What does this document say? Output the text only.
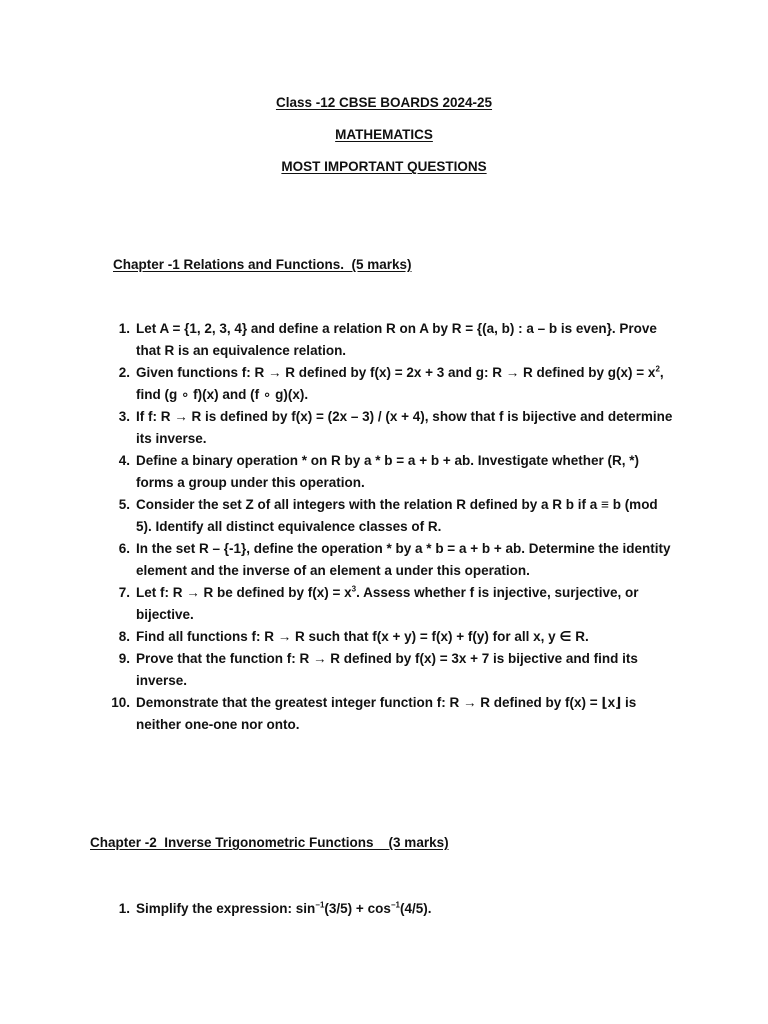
Class -12 CBSE BOARDS 2024-25
MATHEMATICS
MOST IMPORTANT QUESTIONS
Chapter -1 Relations and Functions.  (5 marks)
1. Let A = {1, 2, 3, 4} and define a relation R on A by R = {(a, b) : a – b is even}. Prove that R is an equivalence relation.
2. Given functions f: R → R defined by f(x) = 2x + 3 and g: R → R defined by $g(x) = x^2$, find (g ∘ f)(x) and (f ∘ g)(x).
3. If f: R → R is defined by f(x) = (2x – 3) / (x + 4), show that f is bijective and determine its inverse.
4. Define a binary operation * on R by a * b = a + b + ab. Investigate whether (R, *) forms a group under this operation.
5. Consider the set Z of all integers with the relation R defined by a R b if a ≡ b (mod 5). Identify all distinct equivalence classes of R.
6. In the set R – {-1}, define the operation * by a * b = a + b + ab. Determine the identity element and the inverse of an element a under this operation.
7. Let f: R → R be defined by $f(x) = x^3$. Assess whether f is injective, surjective, or bijective.
8. Find all functions f: R → R such that f(x + y) = f(x) + f(y) for all x, y ∈ R.
9. Prove that the function f: R → R defined by f(x) = 3x + 7 is bijective and find its inverse.
10. Demonstrate that the greatest integer function f: R → R defined by f(x) = ⌊x⌋ is neither one-one nor onto.
Chapter -2  Inverse Trigonometric Functions    (3 marks)
1. Simplify the expression: $\sin^{-1}(3/5) + \cos^{-1}(4/5)$.
